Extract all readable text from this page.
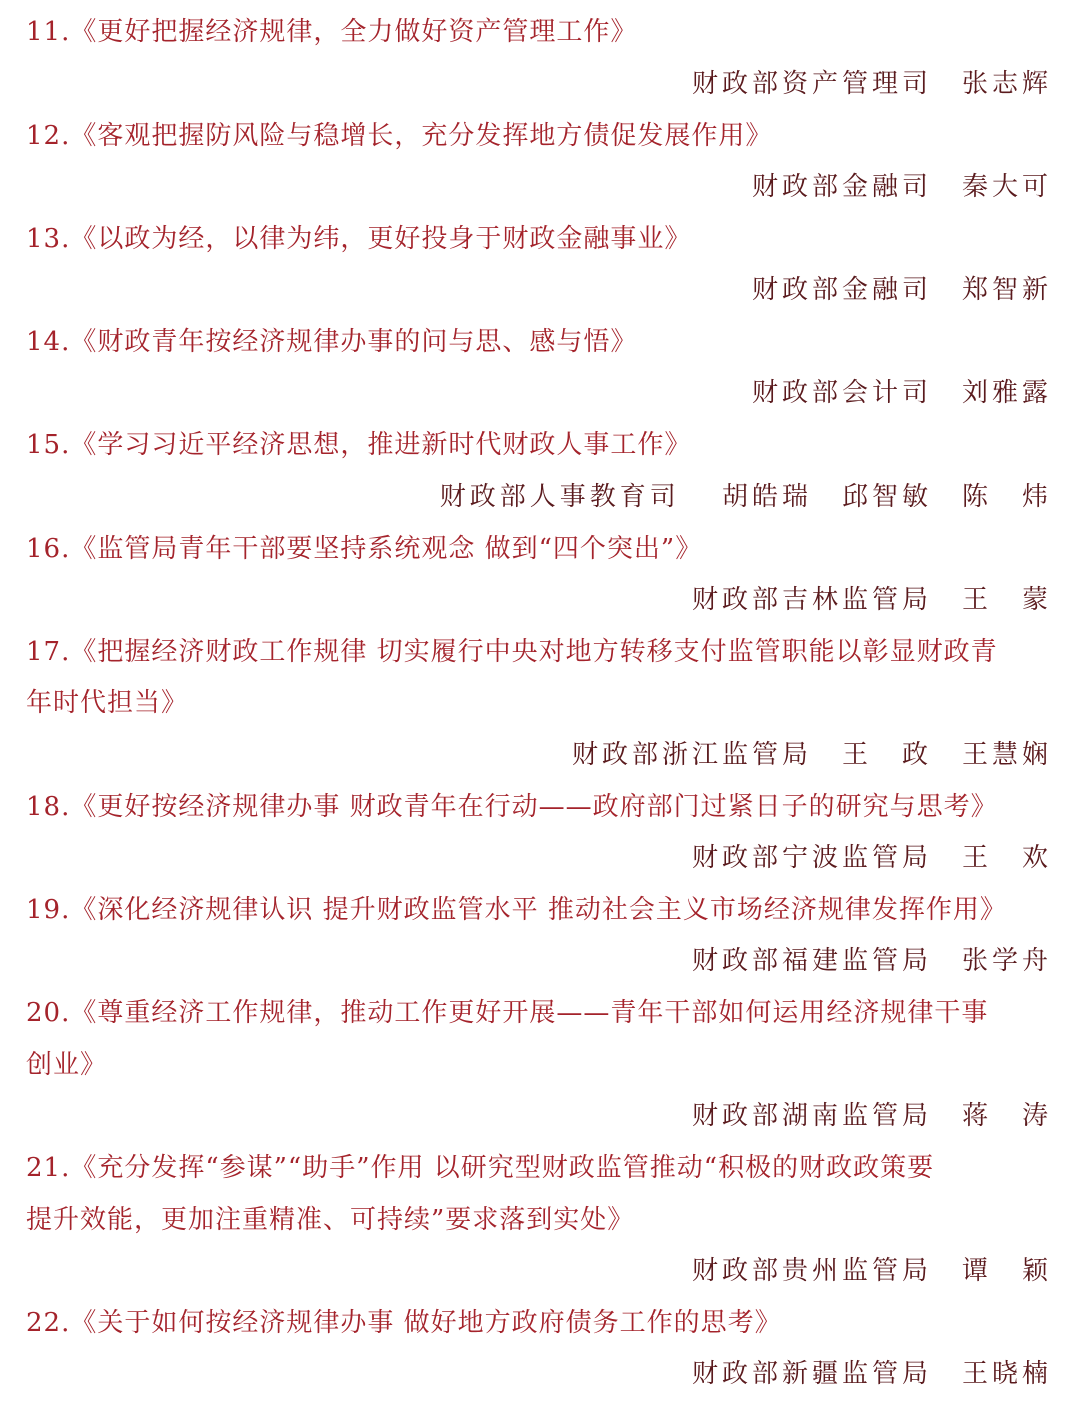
11.《更好把握经济规律，全力做好资产管理工作》
财政部资产管理司　张志辉
12.《客观把握防风险与稳增长，充分发挥地方债促发展作用》
财政部金融司　秦大可
13.《以政为经，以律为纬，更好投身于财政金融事业》
财政部金融司　郑智新
14.《财政青年按经济规律办事的问与思、感与悟》
财政部会计司　刘雅露
15.《学习习近平经济思想，推进新时代财政人事工作》
财政部人事教育司　 胡皓瑞　邱智敏　陈　炜
16.《监管局青年干部要坚持系统观念 做到“四个突出”》
财政部吉林监管局　王　蒙
17.《把握经济财政工作规律 切实履行中央对地方转移支付监管职能以彰显财政青
年时代担当》
财政部浙江监管局　王　政　王慧娴
18.《更好按经济规律办事 财政青年在行动——政府部门过紧日子的研究与思考》
财政部宁波监管局　王　欢
19.《深化经济规律认识 提升财政监管水平 推动社会主义市场经济规律发挥作用》
财政部福建监管局　张学舟
20.《尊重经济工作规律，推动工作更好开展——青年干部如何运用经济规律干事
创业》
财政部湖南监管局　蒋　涛
21.《充分发挥“参谋”“助手”作用 以研究型财政监管推动“积极的财政政策要
提升效能，更加注重精准、可持续”要求落到实处》
财政部贵州监管局　谭　颖
22.《关于如何按经济规律办事 做好地方政府债务工作的思考》
财政部新疆监管局　王晓楠
